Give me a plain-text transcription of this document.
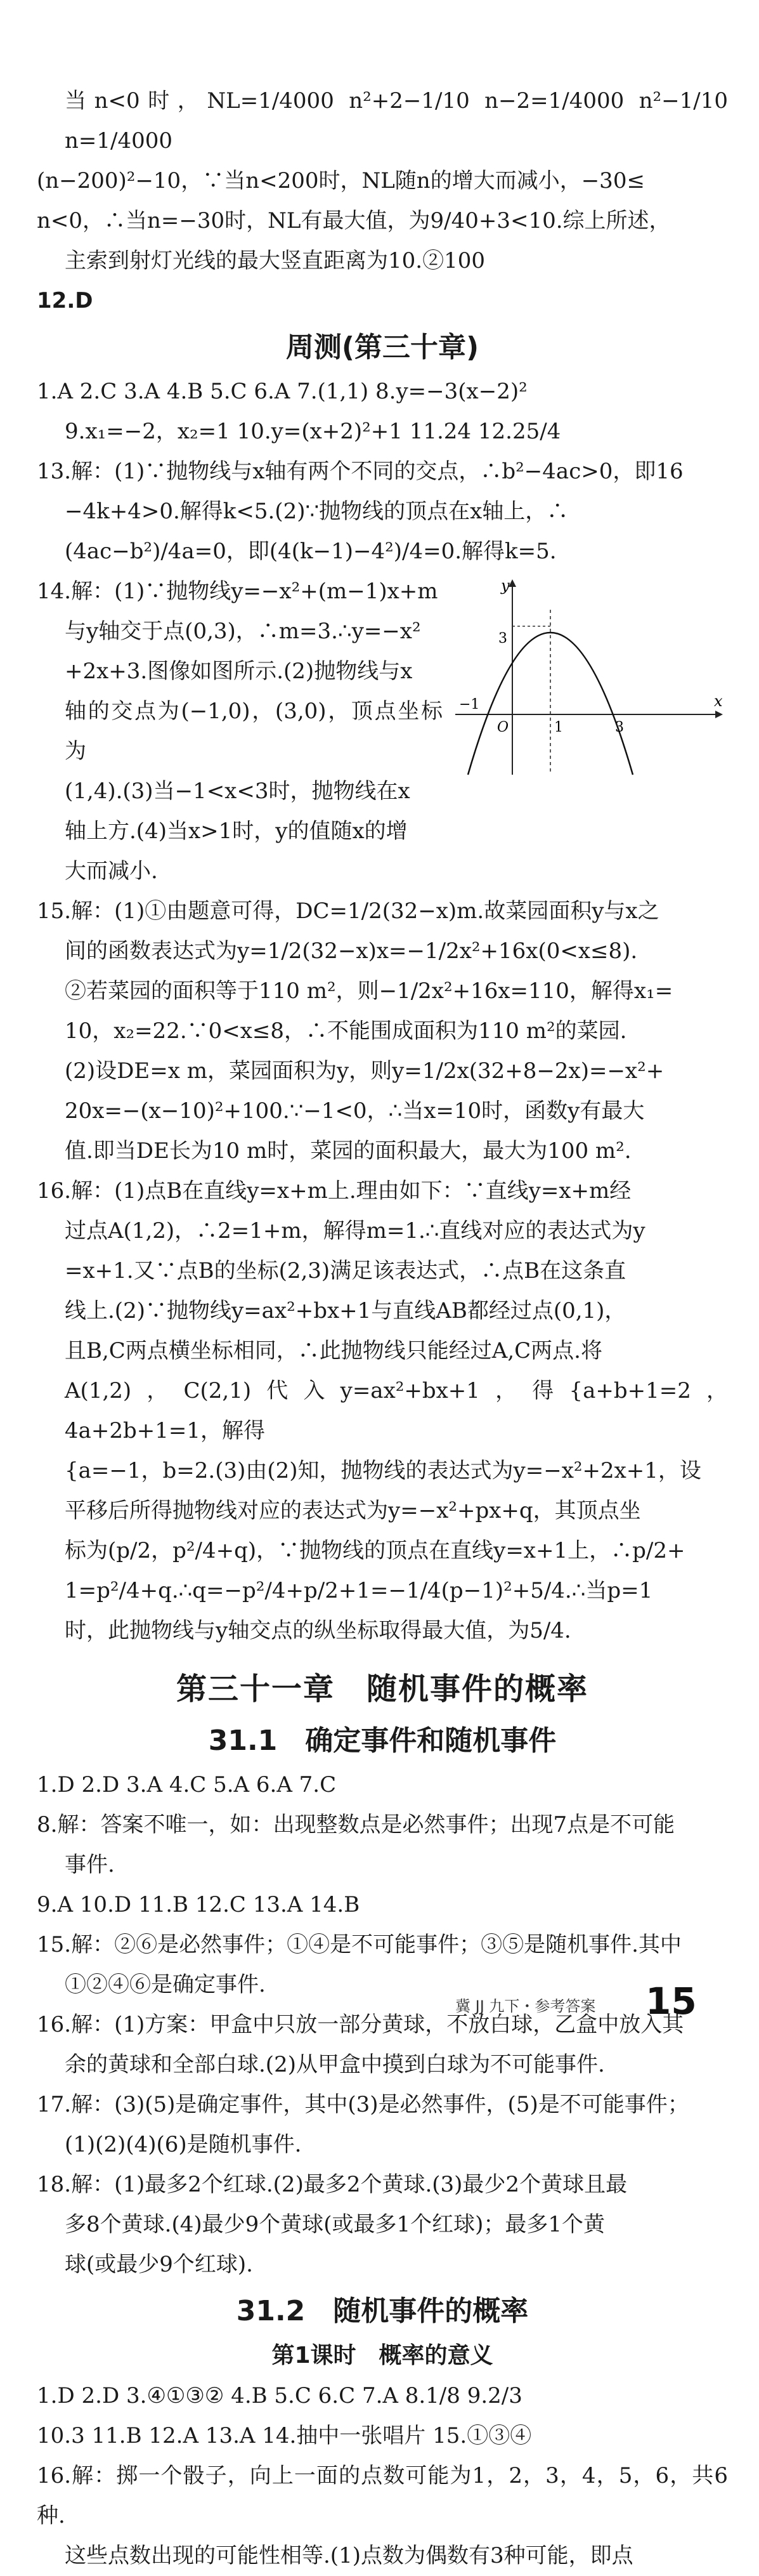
当n<0时，NL=1/4000 n²+2−1/10 n−2=1/4000 n²−1/10 n=1/4000

(n−200)²−10，∵当n<200时，NL随n的增大而减小，−30≤

n<0，∴当n=−30时，NL有最大值，为9/40+3<10.综上所述，

主索到射灯光线的最大竖直距离为10.②100

12.D

周测(第三十章)

1.A 2.C 3.A 4.B 5.C 6.A 7.(1,1) 8.y=−3(x−2)²

9.x₁=−2，x₂=1 10.y=(x+2)²+1 11.24 12.25/4

13.解：(1)∵抛物线与x轴有两个不同的交点，∴b²−4ac>0，即16

−4k+4>0.解得k<5.(2)∵抛物线的顶点在x轴上，∴

(4ac−b²)/4a=0，即(4(k−1)−4²)/4=0.解得k=5.

14.解：(1)∵抛物线y=−x²+(m−1)x+m

与y轴交于点(0,3)，∴m=3.∴y=−x²

+2x+3.图像如图所示.(2)抛物线与x

轴的交点为(−1,0)，(3,0)，顶点坐标为

(1,4).(3)当−1<x<3时，抛物线在x

轴上方.(4)当x>1时，y的值随x的增

大而减小.

y
x
O
−1
1	3
3

15.解：(1)①由题意可得，DC=1/2(32−x)m.故菜园面积y与x之

间的函数表达式为y=1/2(32−x)x=−1/2x²+16x(0<x≤8).

②若菜园的面积等于110 m²，则−1/2x²+16x=110，解得x₁=

10，x₂=22.∵0<x≤8，∴不能围成面积为110 m²的菜园.

(2)设DE=x m，菜园面积为y，则y=1/2x(32+8−2x)=−x²+

20x=−(x−10)²+100.∵−1<0，∴当x=10时，函数y有最大

值.即当DE长为10 m时，菜园的面积最大，最大为100 m².

16.解：(1)点B在直线y=x+m上.理由如下：∵直线y=x+m经

过点A(1,2)，∴2=1+m，解得m=1.∴直线对应的表达式为y

=x+1.又∵点B的坐标(2,3)满足该表达式，∴点B在这条直

线上.(2)∵抛物线y=ax²+bx+1与直线AB都经过点(0,1)，

且B,C两点横坐标相同，∴此抛物线只能经过A,C两点.将

A(1,2)，C(2,1)代入y=ax²+bx+1，得{a+b+1=2，4a+2b+1=1，解得

{a=−1，b=2.(3)由(2)知，抛物线的表达式为y=−x²+2x+1，设

平移后所得抛物线对应的表达式为y=−x²+px+q，其顶点坐

标为(p/2，p²/4+q)，∵抛物线的顶点在直线y=x+1上，∴p/2+

1=p²/4+q.∴q=−p²/4+p/2+1=−1/4(p−1)²+5/4.∴当p=1

时，此抛物线与y轴交点的纵坐标取得最大值，为5/4.

第三十一章　随机事件的概率
31.1　确定事件和随机事件

1.D 2.D 3.A 4.C 5.A 6.A 7.C

8.解：答案不唯一，如：出现整数点是必然事件；出现7点是不可能

事件.

9.A 10.D 11.B 12.C 13.A 14.B

15.解：②⑥是必然事件；①④是不可能事件；③⑤是随机事件.其中

①②④⑥是确定事件.

16.解：(1)方案：甲盒中只放一部分黄球，不放白球，乙盒中放入其

余的黄球和全部白球.(2)从甲盒中摸到白球为不可能事件.

17.解：(3)(5)是确定事件，其中(3)是必然事件，(5)是不可能事件；

(1)(2)(4)(6)是随机事件.

18.解：(1)最多2个红球.(2)最多2个黄球.(3)最少2个黄球且最

多8个黄球.(4)最少9个黄球(或最多1个红球)；最多1个黄

球(或最少9个红球).

31.2　随机事件的概率
第1课时　概率的意义

1.D 2.D 3.④①③② 4.B 5.C 6.C 7.A 8.1/8 9.2/3

10.3 11.B 12.A 13.A 14.抽中一张唱片 15.①③④

16.解：掷一个骰子，向上一面的点数可能为1，2，3，4，5，6，共6种.

这些点数出现的可能性相等.(1)点数为偶数有3种可能，即点

冀 JJ 九下・参考答案 15
